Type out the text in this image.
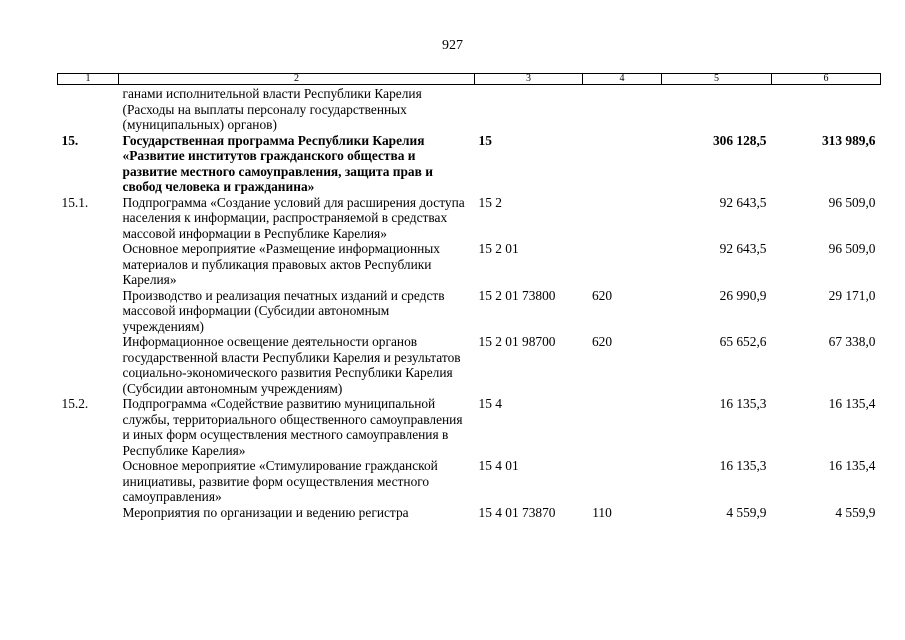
927
1	2	3	4	5	6
	ганами исполнительной власти Республики Карелия (Расходы на выплаты персоналу государственных (муниципальных) органов)				
15.	Государственная программа Республики Карелия «Развитие институтов гражданского общества и развитие местного самоуправления, защита прав и свобод человека и гражданина»	15		306 128,5	313 989,6
15.1.	Подпрограмма «Создание условий для расширения доступа населения к информации, распространяемой в средствах массовой информации в Республике Карелия»	15 2		92 643,5	96 509,0
	Основное мероприятие «Размещение информационных материалов и публикация правовых актов Республики Карелия»	15 2 01		92 643,5	96 509,0
	Производство и реализация печатных изданий и средств массовой информации (Субсидии автономным учреждениям)	15 2 01 73800	620	26 990,9	29 171,0
	Информационное освещение деятельности органов государственной власти Республики Карелия и результатов социально-экономического развития Республики Карелия (Субсидии автономным учреждениям)	15 2 01 98700	620	65 652,6	67 338,0
15.2.	Подпрограмма «Содействие развитию муниципальной службы, территориального общественного самоуправления и иных форм осуществления местного самоуправления в Республике Карелия»	15 4		16 135,3	16 135,4
	Основное мероприятие «Стимулирование гражданской инициативы, развитие форм осуществления местного самоуправления»	15 4 01		16 135,3	16 135,4
	Мероприятия по организации и ведению регистра	15 4 01 73870	110	4 559,9	4 559,9
